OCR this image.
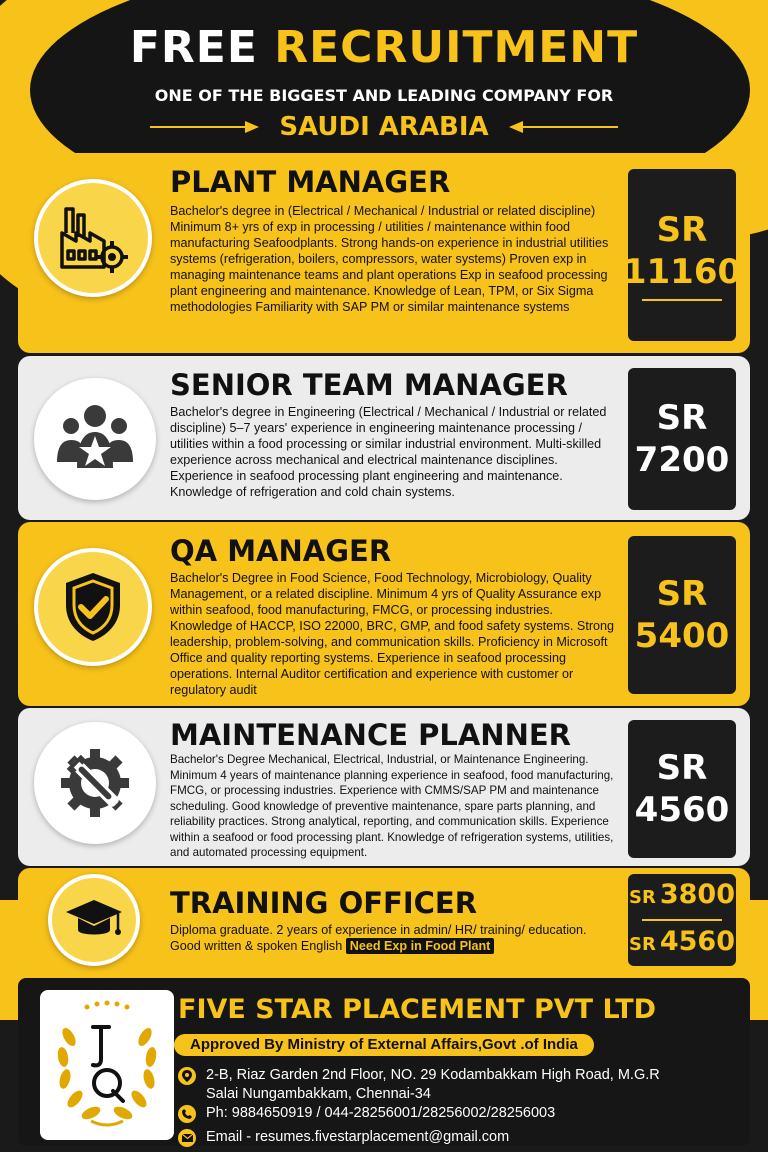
FREE RECRUITMENT
ONE OF THE BIGGEST AND LEADING COMPANY FOR
SAUDI ARABIA
PLANT MANAGER
Bachelor's degree in (Electrical / Mechanical / Industrial or related discipline) Minimum 8+ yrs of exp in processing / utilities / maintenance within food manufacturing Seafoodplants. Strong hands-on experience in industrial utilities systems (refrigeration, boilers, compressors, water systems) Proven exp in managing maintenance teams and plant operations Exp in seafood processing plant engineering and maintenance. Knowledge of Lean, TPM, or Six Sigma methodologies Familiarity with SAP PM or similar maintenance systems
SR
11160
SENIOR TEAM MANAGER
Bachelor's degree in Engineering (Electrical / Mechanical / Industrial or related discipline) 5–7 years' experience in engineering maintenance processing / utilities within a food processing or similar industrial environment. Multi-skilled experience across mechanical and electrical maintenance disciplines. Experience in seafood processing plant engineering and maintenance. Knowledge of refrigeration and cold chain systems.
SR
7200
QA MANAGER
Bachelor's Degree in Food Science, Food Technology, Microbiology, Quality Management, or a related discipline. Minimum 4 yrs of Quality Assurance exp within seafood, food manufacturing, FMCG, or processing industries. Knowledge of HACCP, ISO 22000, BRC, GMP, and food safety systems. Strong leadership, problem-solving, and communication skills. Proficiency in Microsoft Office and quality reporting systems. Experience in seafood processing operations. Internal Auditor certification and experience with customer or regulatory audit
SR
5400
MAINTENANCE PLANNER
Bachelor's Degree Mechanical, Electrical, Industrial, or Maintenance Engineering. Minimum 4 years of maintenance planning experience in seafood, food manufacturing, FMCG, or processing industries. Experience with CMMS/SAP PM and maintenance scheduling. Good knowledge of preventive maintenance, spare parts planning, and reliability practices. Strong analytical, reporting, and communication skills. Experience within a seafood or food processing plant. Knowledge of refrigeration systems, utilities, and automated processing equipment.
SR
4560
TRAINING OFFICER
Diploma graduate. 2 years of experience in admin/ HR/ training/ education. Good written & spoken English Need Exp in Food Plant
SR 3800
SR 4560
FIVE STAR PLACEMENT PVT LTD
Approved By Ministry of External Affairs,Govt .of India
2-B, Riaz Garden 2nd Floor, NO. 29 Kodambakkam High Road, M.G.R Salai Nungambakkam, Chennai-34
Ph: 9884650919 / 044-28256001/28256002/28256003
Email - resumes.fivestarplacement@gmail.com
